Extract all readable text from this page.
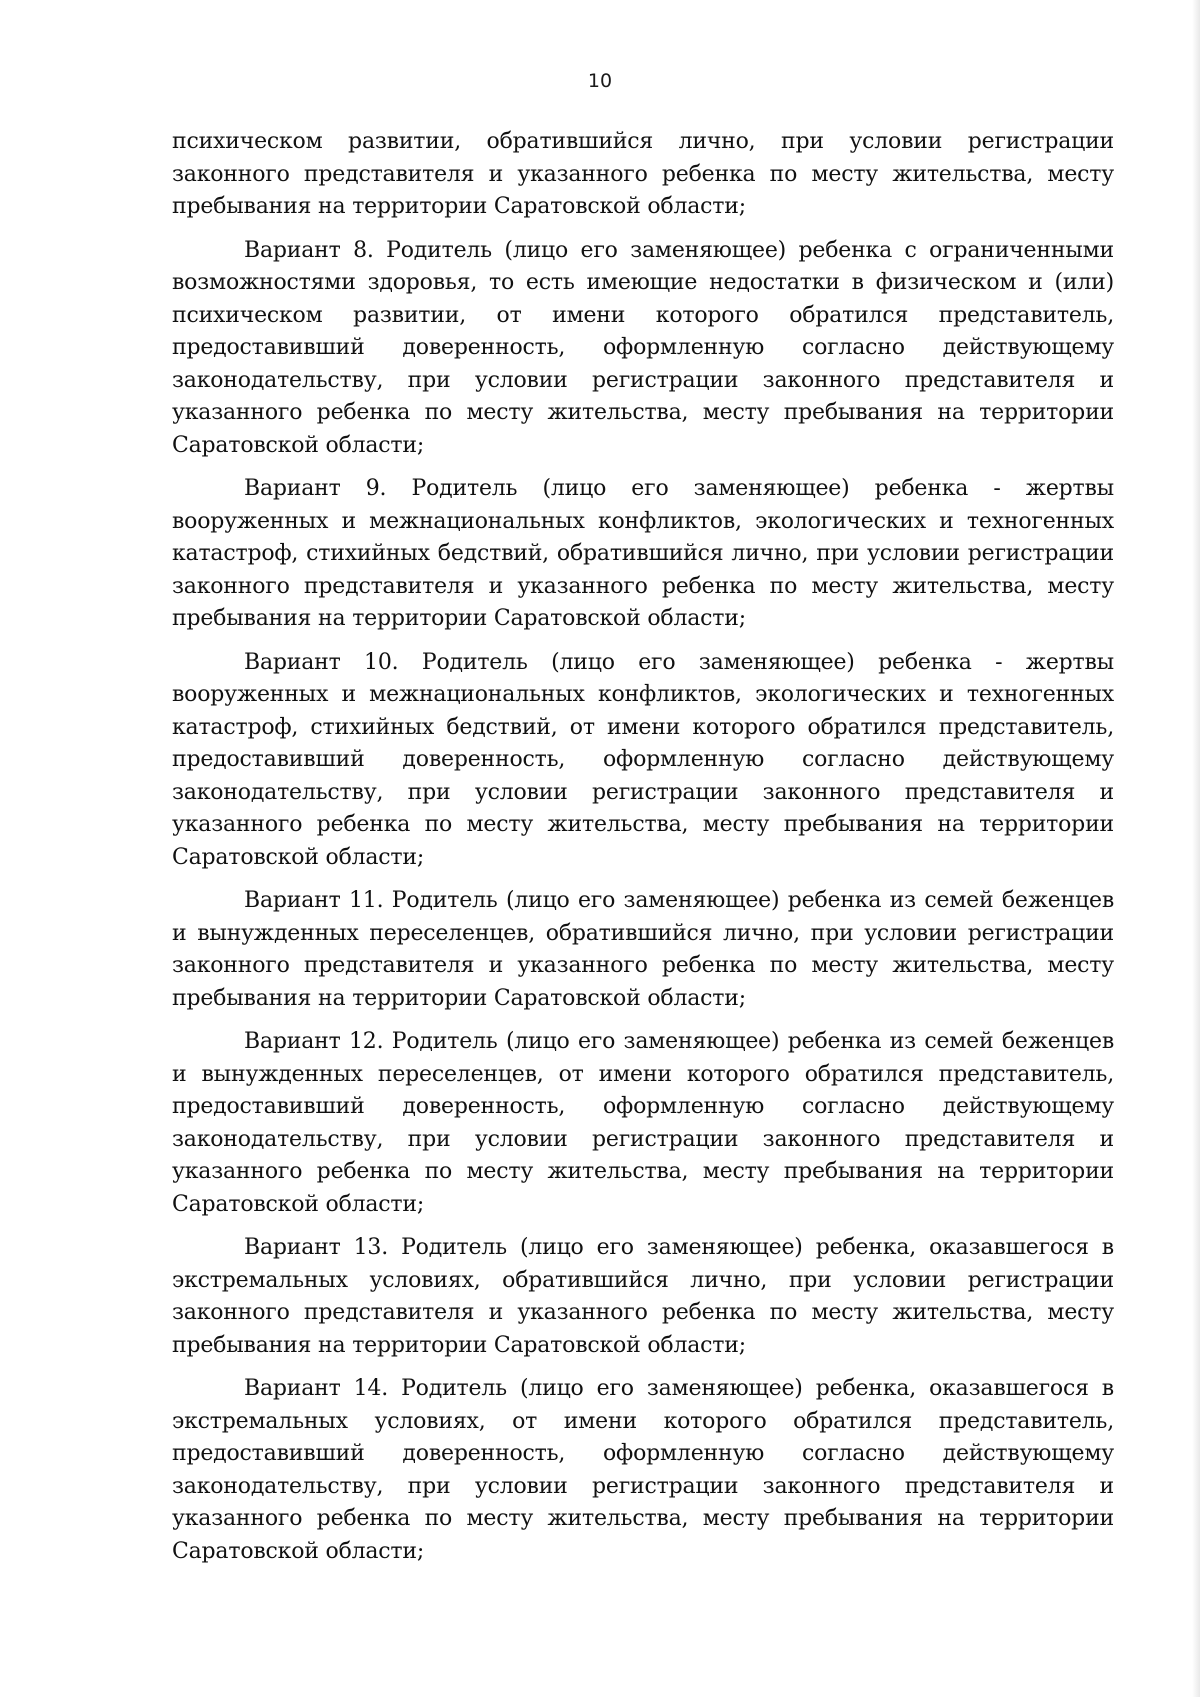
10

психическом развитии, обратившийся лично, при условии регистрации законного представителя и указанного ребенка по месту жительства, месту пребывания на территории Саратовской области;

Вариант 8. Родитель (лицо его заменяющее) ребенка с ограниченными возможностями здоровья, то есть имеющие недостатки в физическом и (или) психическом развитии, от имени которого обратился представитель, предоставивший доверенность, оформленную согласно действующему законодательству, при условии регистрации законного представителя и указанного ребенка по месту жительства, месту пребывания на территории Саратовской области;

Вариант 9. Родитель (лицо его заменяющее) ребенка - жертвы вооруженных и межнациональных конфликтов, экологических и техногенных катастроф, стихийных бедствий, обратившийся лично, при условии регистрации законного представителя и указанного ребенка по месту жительства, месту пребывания на территории Саратовской области;

Вариант 10. Родитель (лицо его заменяющее) ребенка - жертвы вооруженных и межнациональных конфликтов, экологических и техногенных катастроф, стихийных бедствий, от имени которого обратился представитель, предоставивший доверенность, оформленную согласно действующему законодательству, при условии регистрации законного представителя и указанного ребенка по месту жительства, месту пребывания на территории Саратовской области;

Вариант 11. Родитель (лицо его заменяющее) ребенка из семей беженцев и вынужденных переселенцев, обратившийся лично, при условии регистрации законного представителя и указанного ребенка по месту жительства, месту пребывания на территории Саратовской области;

Вариант 12. Родитель (лицо его заменяющее) ребенка из семей беженцев и вынужденных переселенцев, от имени которого обратился представитель, предоставивший доверенность, оформленную согласно действующему законодательству, при условии регистрации законного представителя и указанного ребенка по месту жительства, месту пребывания на территории Саратовской области;

Вариант 13. Родитель (лицо его заменяющее) ребенка, оказавшегося в экстремальных условиях, обратившийся лично, при условии регистрации законного представителя и указанного ребенка по месту жительства, месту пребывания на территории Саратовской области;

Вариант 14. Родитель (лицо его заменяющее) ребенка, оказавшегося в экстремальных условиях, от имени которого обратился представитель, предоставивший доверенность, оформленную согласно действующему законодательству, при условии регистрации законного представителя и указанного ребенка по месту жительства, месту пребывания на территории Саратовской области;
